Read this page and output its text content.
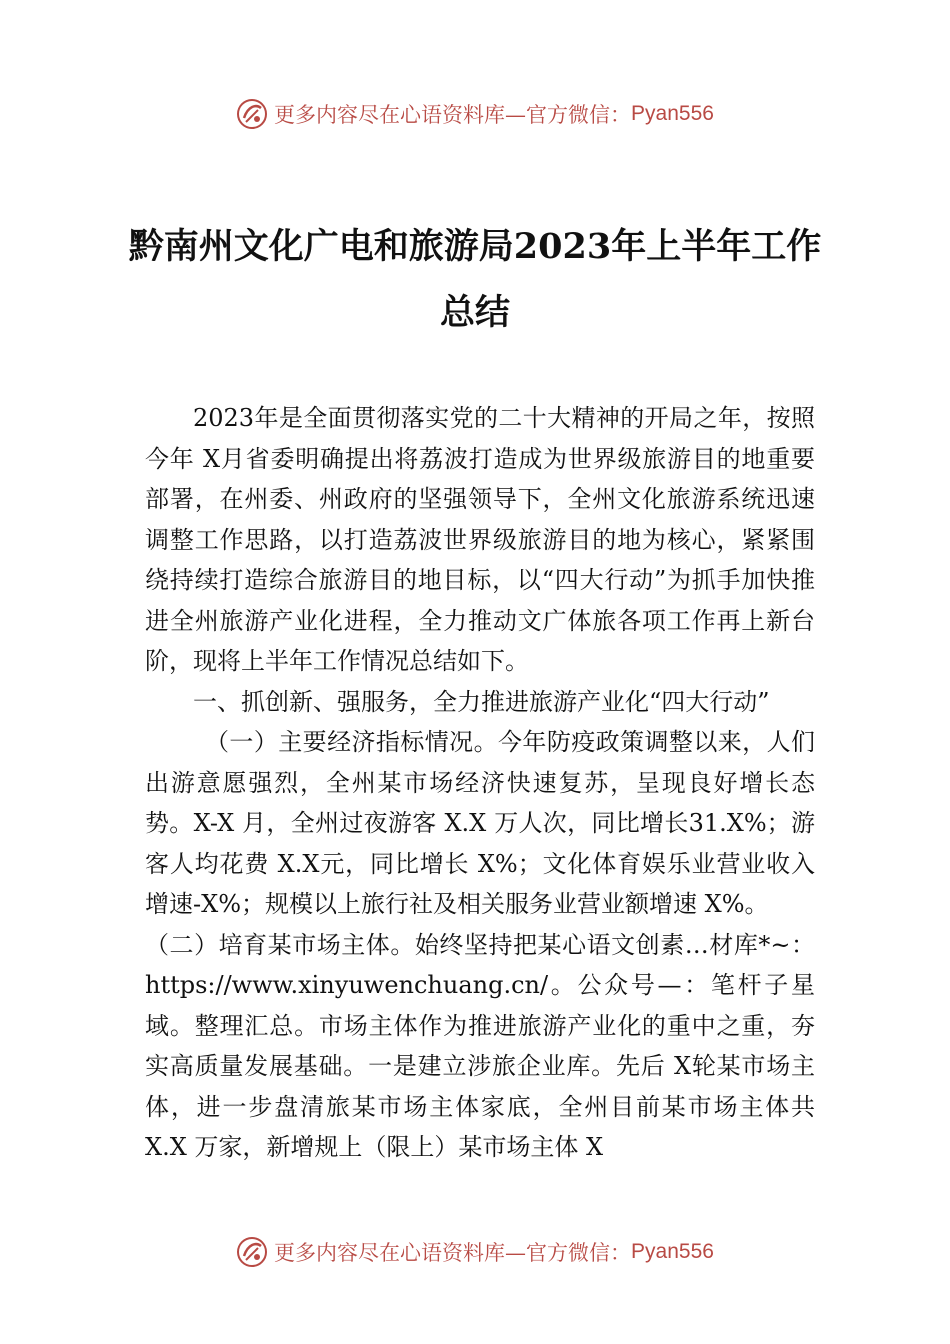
更多内容尽在心语资料库—官方微信： Pyan556
黔南州文化广电和旅游局2023年上半年工作总结

2023年是全面贯彻落实党的二十大精神的开局之年，按照今年 X月省委明确提出将荔波打造成为世界级旅游目的地重要部署，在州委、州政府的坚强领导下，全州文化旅游系统迅速调整工作思路，以打造荔波世界级旅游目的地为核心，紧紧围绕持续打造综合旅游目的地目标，以“四大行动”为抓手加快推进全州旅游产业化进程，全力推动文广体旅各项工作再上新台阶，现将上半年工作情况总结如下。

一、抓创新、强服务，全力推进旅游产业化“四大行动”

（一）主要经济指标情况。今年防疫政策调整以来，人们出游意愿强烈，全州某市场经济快速复苏，呈现良好增长态势。X-X 月，全州过夜游客 X.X 万人次，同比增长31.X%；游客人均花费 X.X元，同比增长 X%；文化体育娱乐业营业收入增速-X%；规模以上旅行社及相关服务业营业额增速 X%。

（二）培育某市场主体。始终坚持把某心语文创素…材库*~：https://www.xinyuwenchuang.cn/。公众号—：笔杆子星域。整理汇总。市场主体作为推进旅游产业化的重中之重，夯实高质量发展基础。一是建立涉旅企业库。先后 X轮某市场主体，进一步盘清旅某市场主体家底，全州目前某市场主体共 X.X 万家，新增规上（限上）某市场主体 X

更多内容尽在心语资料库—官方微信： Pyan556
